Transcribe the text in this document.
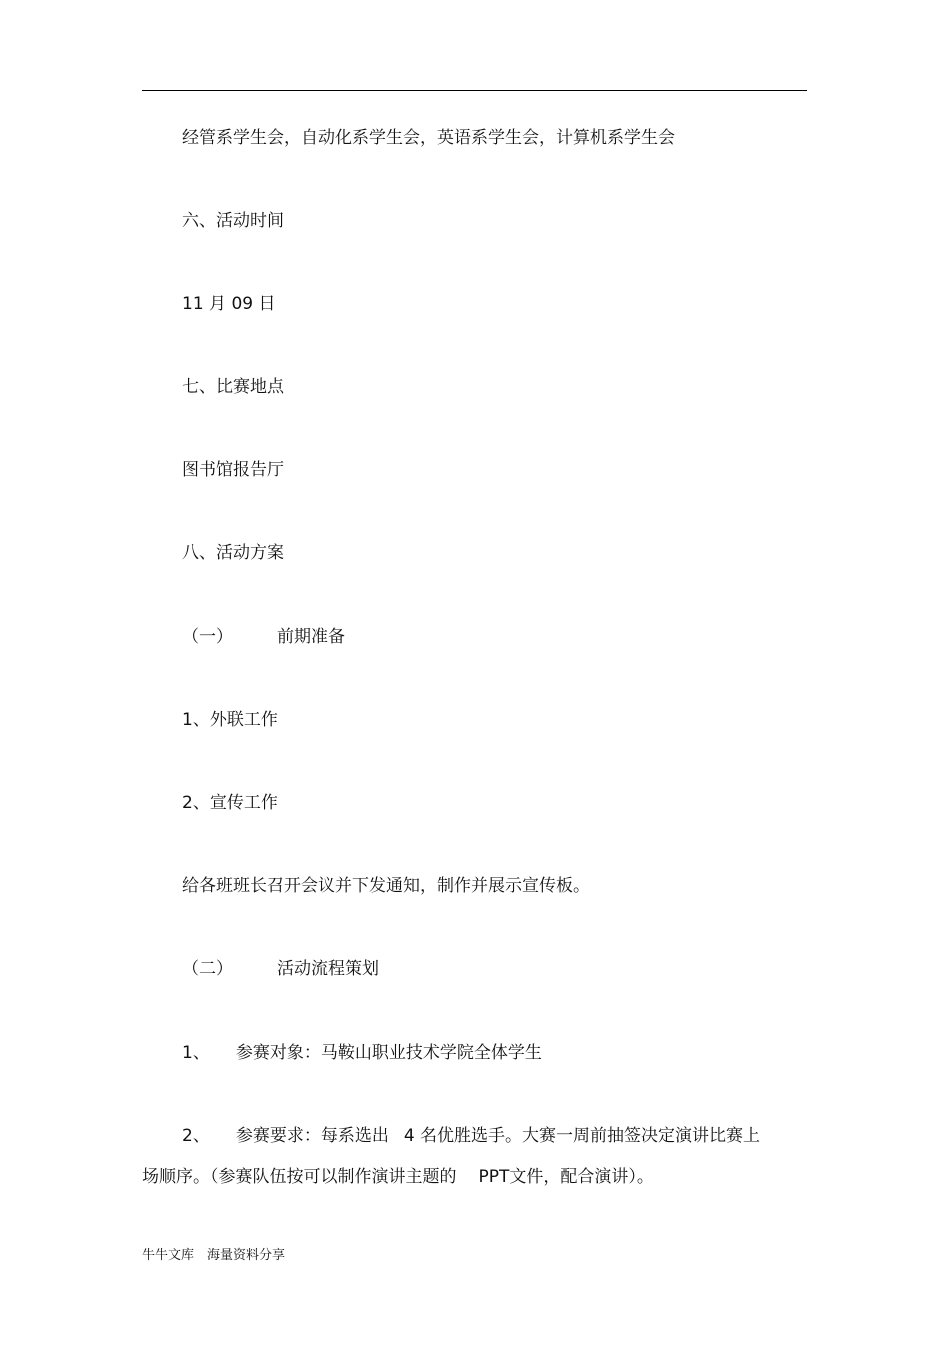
经管系学生会，自动化系学生会，英语系学生会，计算机系学生会
六、活动时间
11 月 09 日
七、比赛地点
图书馆报告厅
八、活动方案
（一）	前期准备
1、外联工作
2、宣传工作
给各班班长召开会议并下发通知，制作并展示宣传板。
（二）	活动流程策划
1、 参赛对象：马鞍山职业技术学院全体学生
2、 参赛要求：每系选出 4 名优胜选手。大赛一周前抽签决定演讲比赛上
场顺序。（参赛队伍按可以制作演讲主题的 PPT文件，配合演讲）。
牛牛文库　海量资料分享
